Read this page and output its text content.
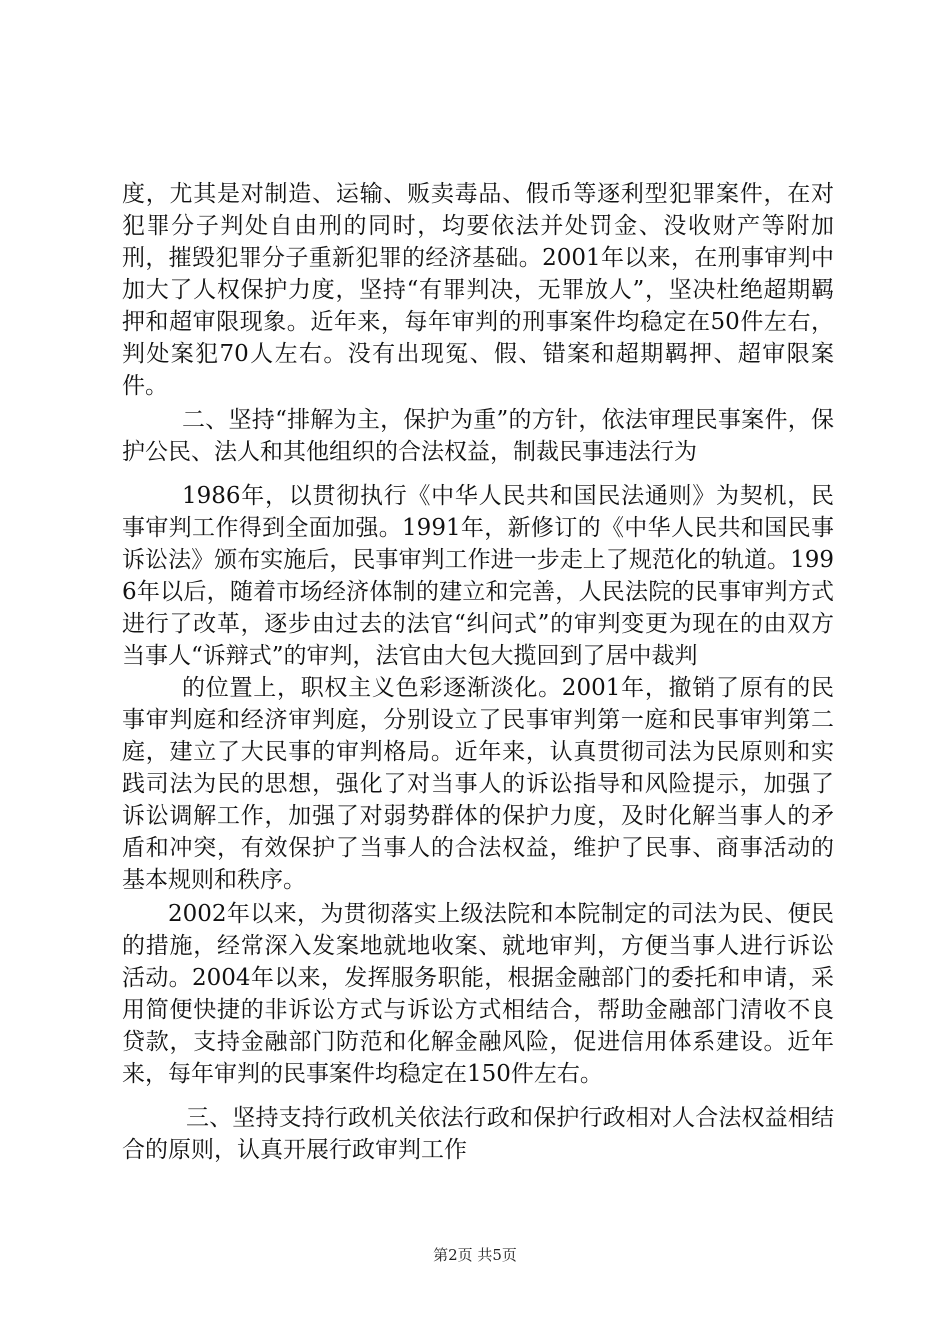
度，尤其是对制造、运输、贩卖毒品、假币等逐利型犯罪案件，在对犯罪分子判处自由刑的同时，均要依法并处罚金、没收财产等附加刑，摧毁犯罪分子重新犯罪的经济基础。2001年以来，在刑事审判中加大了人权保护力度，坚持“有罪判决，无罪放人”，坚决杜绝超期羁押和超审限现象。近年来，每年审判的刑事案件均稳定在50件左右，判处案犯70人左右。没有出现冤、假、错案和超期羁押、超审限案件。

二、坚持“排解为主，保护为重”的方针，依法审理民事案件，保护公民、法人和其他组织的合法权益，制裁民事违法行为

1986年，以贯彻执行《中华人民共和国民法通则》为契机，民事审判工作得到全面加强。1991年，新修订的《中华人民共和国民事诉讼法》颁布实施后，民事审判工作进一步走上了规范化的轨道。1996年以后，随着市场经济体制的建立和完善，人民法院的民事审判方式进行了改革，逐步由过去的法官“纠问式”的审判变更为现在的由双方当事人“诉辩式”的审判，法官由大包大揽回到了居中裁判

的位置上，职权主义色彩逐渐淡化。2001年，撤销了原有的民事审判庭和经济审判庭，分别设立了民事审判第一庭和民事审判第二庭，建立了大民事的审判格局。近年来，认真贯彻司法为民原则和实践司法为民的思想，强化了对当事人的诉讼指导和风险提示，加强了诉讼调解工作，加强了对弱势群体的保护力度，及时化解当事人的矛盾和冲突，有效保护了当事人的合法权益，维护了民事、商事活动的基本规则和秩序。

2002年以来，为贯彻落实上级法院和本院制定的司法为民、便民的措施，经常深入发案地就地收案、就地审判，方便当事人进行诉讼活动。2004年以来，发挥服务职能，根据金融部门的委托和申请，采用简便快捷的非诉讼方式与诉讼方式相结合，帮助金融部门清收不良贷款，支持金融部门防范和化解金融风险，促进信用体系建设。近年来，每年审判的民事案件均稳定在150件左右。

三、坚持支持行政机关依法行政和保护行政相对人合法权益相结合的原则，认真开展行政审判工作

第2页 共5页
